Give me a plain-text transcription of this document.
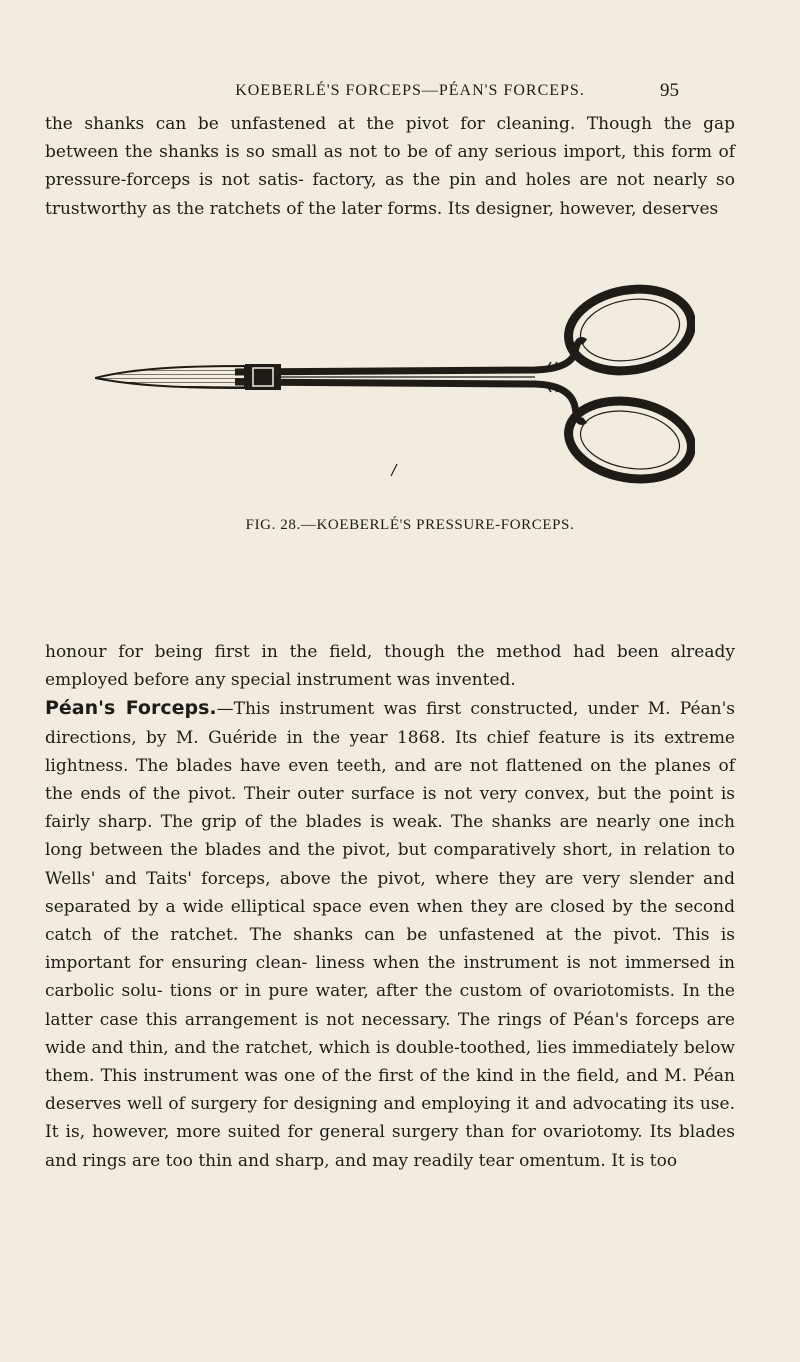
KOEBERLÉ'S FORCEPS—PÉAN'S FORCEPS.	95

the shanks can be unfastened at the pivot for cleaning. Though the gap between the shanks is so small as not to be of any serious import, this form of pressure-forceps is not satis- factory, as the pin and holes are not nearly so trustworthy as the ratchets of the later forms. Its designer, however, deserves

FIG. 28.—KOEBERLÉ'S PRESSURE-FORCEPS.

honour for being first in the field, though the method had been already employed before any special instrument was invented.
Péan's Forceps.—This instrument was first constructed, under M. Péan's directions, by M. Guéride in the year 1868. Its chief feature is its extreme lightness. The blades have even teeth, and are not flattened on the planes of the ends of the pivot. Their outer surface is not very convex, but the point is fairly sharp. The grip of the blades is weak. The shanks are nearly one inch long between the blades and the pivot, but comparatively short, in relation to Wells' and Taits' forceps, above the pivot, where they are very slender and separated by a wide elliptical space even when they are closed by the second catch of the ratchet. The shanks can be unfastened at the pivot. This is important for ensuring clean- liness when the instrument is not immersed in carbolic solu- tions or in pure water, after the custom of ovariotomists. In the latter case this arrangement is not necessary. The rings of Péan's forceps are wide and thin, and the ratchet, which is double-toothed, lies immediately below them. This instrument was one of the first of the kind in the field, and M. Péan deserves well of surgery for designing and employing it and advocating its use. It is, however, more suited for general surgery than for ovariotomy. Its blades and rings are too thin and sharp, and may readily tear omentum. It is too
